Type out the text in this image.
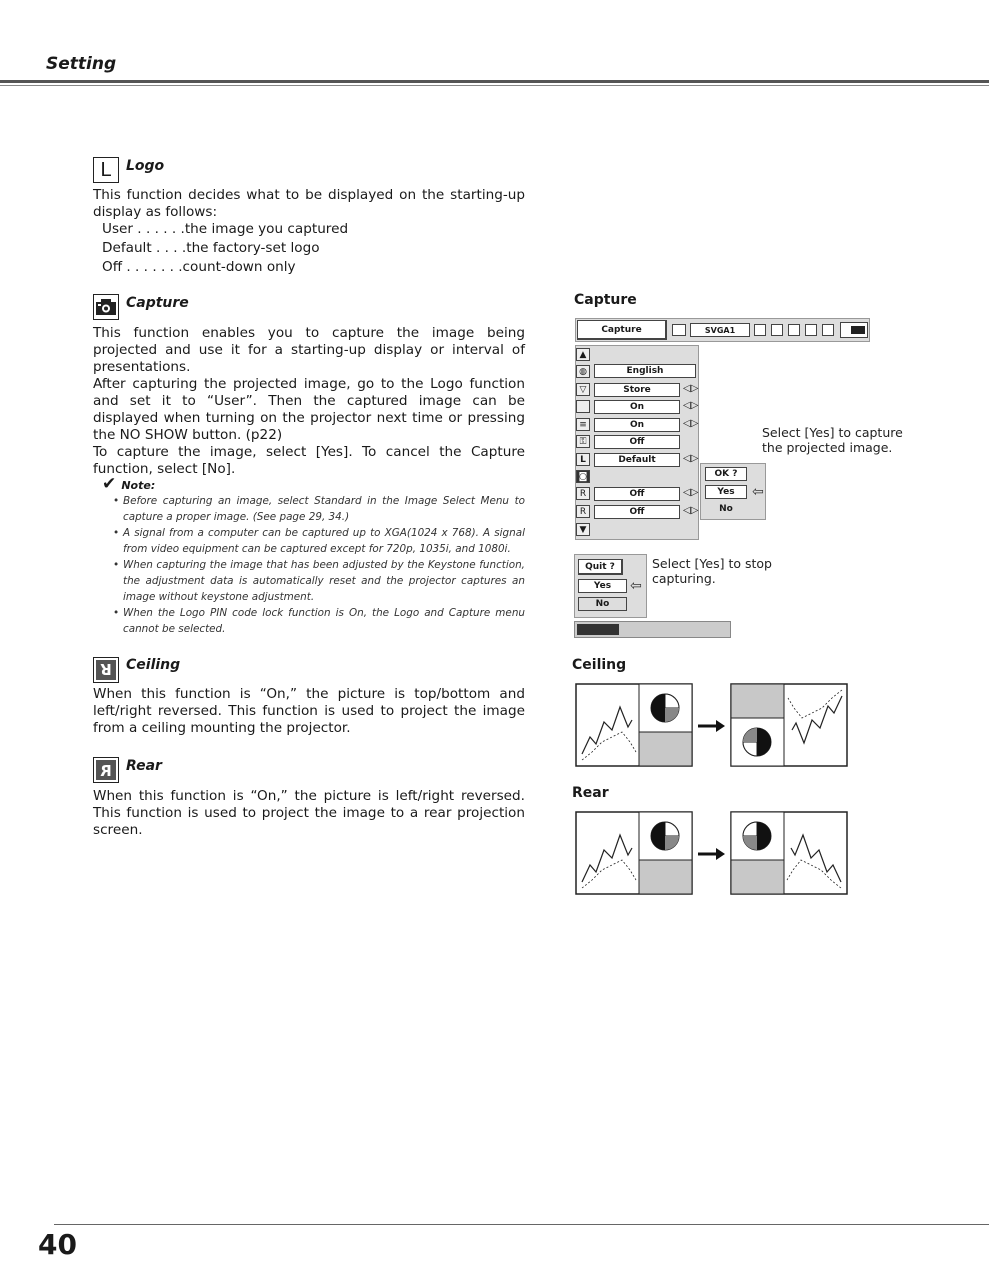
Setting
L	Logo
This function decides what to be displayed on the starting-up display as follows:
User . . . . . .the image you captured
Default . . . .the factory-set logo
Off . . . . . . .count-down only
Capture

This function enables you to capture the image being projected and use it for a starting-up display or interval of presentations.

After capturing the projected image, go to the Logo function and set it to “User”. Then the captured image can be displayed when turning on the projector next time or pressing the NO SHOW button. (p22)

To capture the image, select [Yes]. To cancel the Capture function, select [No].

✔ Note:
• Before capturing an image, select Standard in the Image Select Menu to capture a proper image. (See page 29, 34.)
• A signal from a computer can be captured up to XGA(1024 x 768). A signal from video equipment can be captured except for 720p, 1035i, and 1080i.
• When capturing the image that has been adjusted by the Keystone function, the adjustment data is automatically reset and the projector captures an image without keystone adjustment.
• When the Logo PIN code lock function is On, the Logo and Capture menu cannot be selected.
R Ceiling
When this function is “On,” the picture is top/bottom and left/right reversed. This function is used to project the image from a ceiling mounting the projector.
R Rear
When this function is “On,” the picture is left/right reversed. This function is used to project the image to a rear projection screen.
Capture
Capture	SVGA1
▲
◍
▽
≡
⚿
L
◙
R
R
▼
English
Store	◁▷
On	◁▷
On	◁▷
Off
Default	◁▷
Off	◁▷
Off	◁▷
OK ?
Yes	⇦
No
Select [Yes] to capture the projected image.
Quit ?
Yes	⇦
No
Select [Yes] to stop capturing.
Ceiling
Rear
40
